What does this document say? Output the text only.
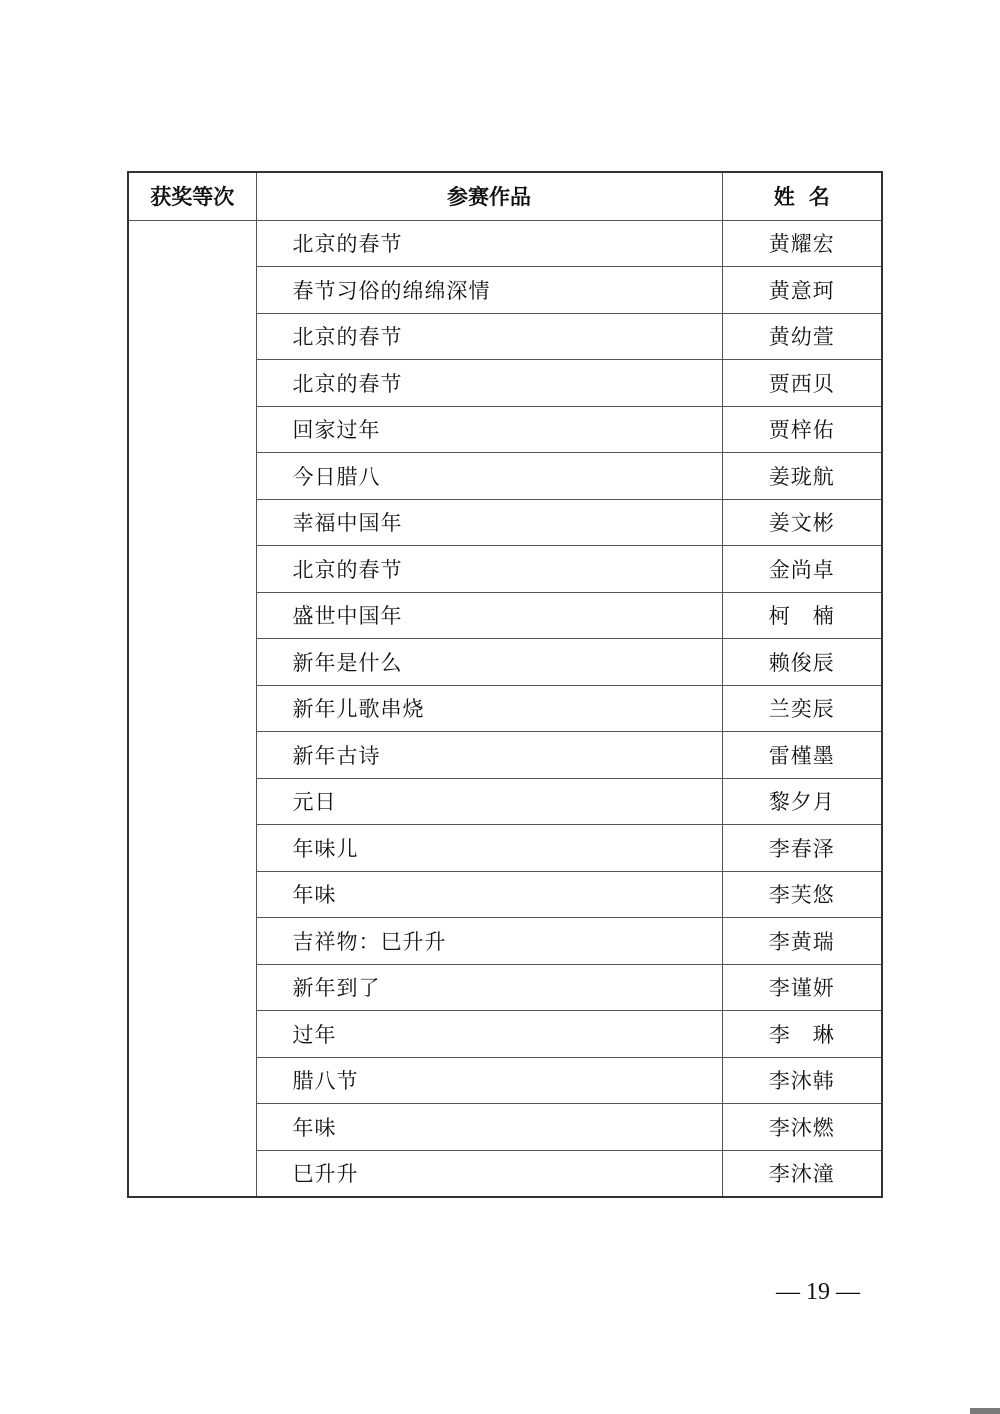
获奖等次	参赛作品	姓名
	北京的春节	黄耀宏
	春节习俗的绵绵深情	黄意珂
	北京的春节	黄幼萱
	北京的春节	贾西贝
	回家过年	贾梓佑
	今日腊八	姜珑航
	幸福中国年	姜文彬
	北京的春节	金尚卓
	盛世中国年	柯　楠
	新年是什么	赖俊辰
	新年儿歌串烧	兰奕辰
	新年古诗	雷槿墨
	元日	黎夕月
	年味儿	李春泽
	年味	李芙悠
	吉祥物：巳升升	李黄瑞
	新年到了	李谨妍
	过年	李　琳
	腊八节	李沐韩
	年味	李沐燃
	巳升升	李沐潼
— 19 —
